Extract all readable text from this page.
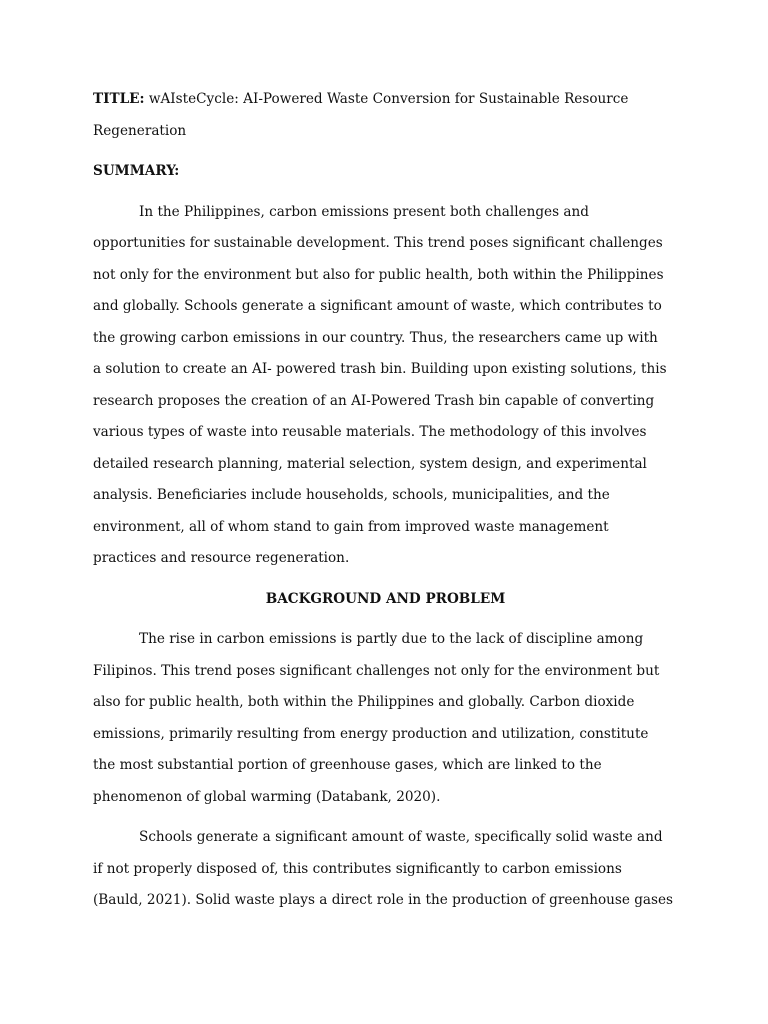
TITLE: wAIsteCycle: AI-Powered Waste Conversion for Sustainable Resource
Regeneration
SUMMARY:
In the Philippines, carbon emissions present both challenges and
opportunities for sustainable development. This trend poses significant challenges
not only for the environment but also for public health, both within the Philippines
and globally. Schools generate a significant amount of waste, which contributes to
the growing carbon emissions in our country. Thus, the researchers came up with
a solution to create an AI- powered trash bin. Building upon existing solutions, this
research proposes the creation of an AI-Powered Trash bin capable of converting
various types of waste into reusable materials. The methodology of this involves
detailed research planning, material selection, system design, and experimental
analysis. Beneficiaries include households, schools, municipalities, and the
environment, all of whom stand to gain from improved waste management
practices and resource regeneration.
BACKGROUND AND PROBLEM
The rise in carbon emissions is partly due to the lack of discipline among
Filipinos. This trend poses significant challenges not only for the environment but
also for public health, both within the Philippines and globally. Carbon dioxide
emissions, primarily resulting from energy production and utilization, constitute
the most substantial portion of greenhouse gases, which are linked to the
phenomenon of global warming (Databank, 2020).
Schools generate a significant amount of waste, specifically solid waste and
if not properly disposed of, this contributes significantly to carbon emissions
(Bauld, 2021). Solid waste plays a direct role in the production of greenhouse gases
